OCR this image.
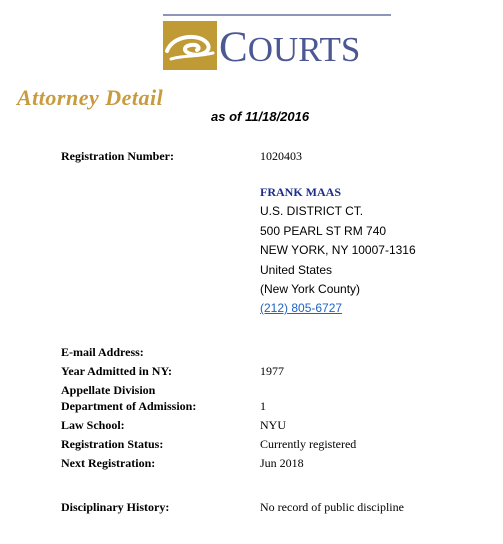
COURTS
Attorney Detail
as of 11/18/2016
Registration Number:	1020403
FRANK MAAS
U.S. DISTRICT CT.
500 PEARL ST RM 740
NEW YORK, NY 10007-1316
United States
(New York County)
(212) 805-6727
E-mail Address:
Year Admitted in NY:	1977
Appellate Division
Department of Admission:	1
Law School:	NYU
Registration Status:	Currently registered
Next Registration:	Jun 2018
Disciplinary History:	No record of public discipline
